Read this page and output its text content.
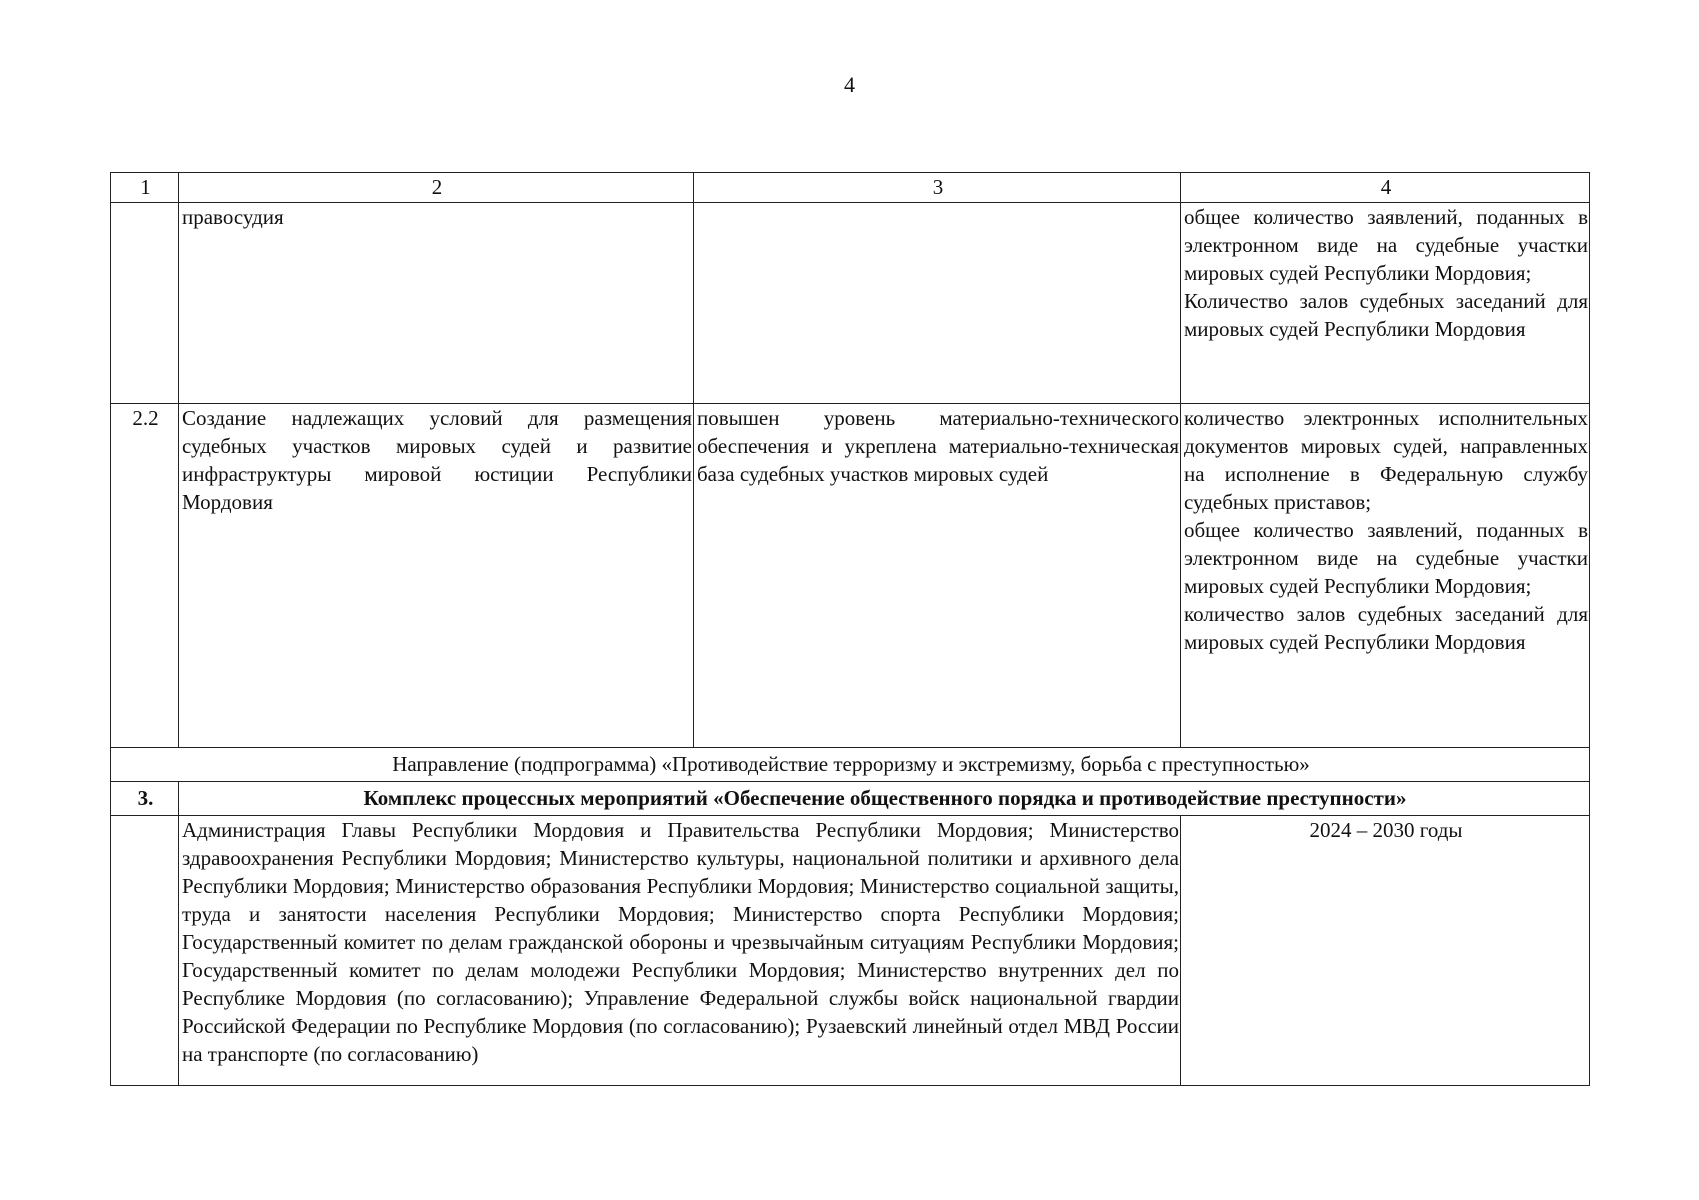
4
1	2	3	4
	правосудия		общее количество заявлений, поданных в электронном виде на судебные участки мировых судей Республики Мордовия;
Количество залов судебных заседаний для мировых судей Республики Мордовия

2.2	Создание надлежащих условий для размещения судебных участков мировых судей и развитие инфраструктуры мировой юстиции Республики Мордовия	повышен уровень материально-технического обеспечения и укреплена материально-техническая база судебных участков мировых судей	количество электронных исполнительных документов мировых судей, направленных на исполнение в Федеральную службу судебных приставов;
общее количество заявлений, поданных в электронном виде на судебные участки мировых судей Республики Мордовия;
количество залов судебных заседаний для мировых судей Республики Мордовия

Направление (подпрограмма) «Противодействие терроризму и экстремизму, борьба с преступностью»			
3.	Комплекс процессных мероприятий «Обеспечение общественного порядка и противодействие преступности»		
	Администрация Главы Республики Мордовия и Правительства Республики Мордовия; Министерство здравоохранения Республики Мордовия; Министерство культуры, национальной политики и архивного дела Республики Мордовия; Министерство образования Республики Мордовия; Министерство социальной защиты, труда и занятости населения Республики Мордовия; Министерство спорта Республики Мордовия; Государственный комитет по делам гражданской обороны и чрезвычайным ситуациям Республики Мордовия; Государственный комитет по делам молодежи Республики Мордовия; Министерство внутренних дел по Республике Мордовия (по согласованию); Управление Федеральной службы войск национальной гвардии Российской Федерации по Республике Мордовия (по согласованию); Рузаевский линейный отдел МВД России на транспорте (по согласованию)		2024 – 2030 годы
